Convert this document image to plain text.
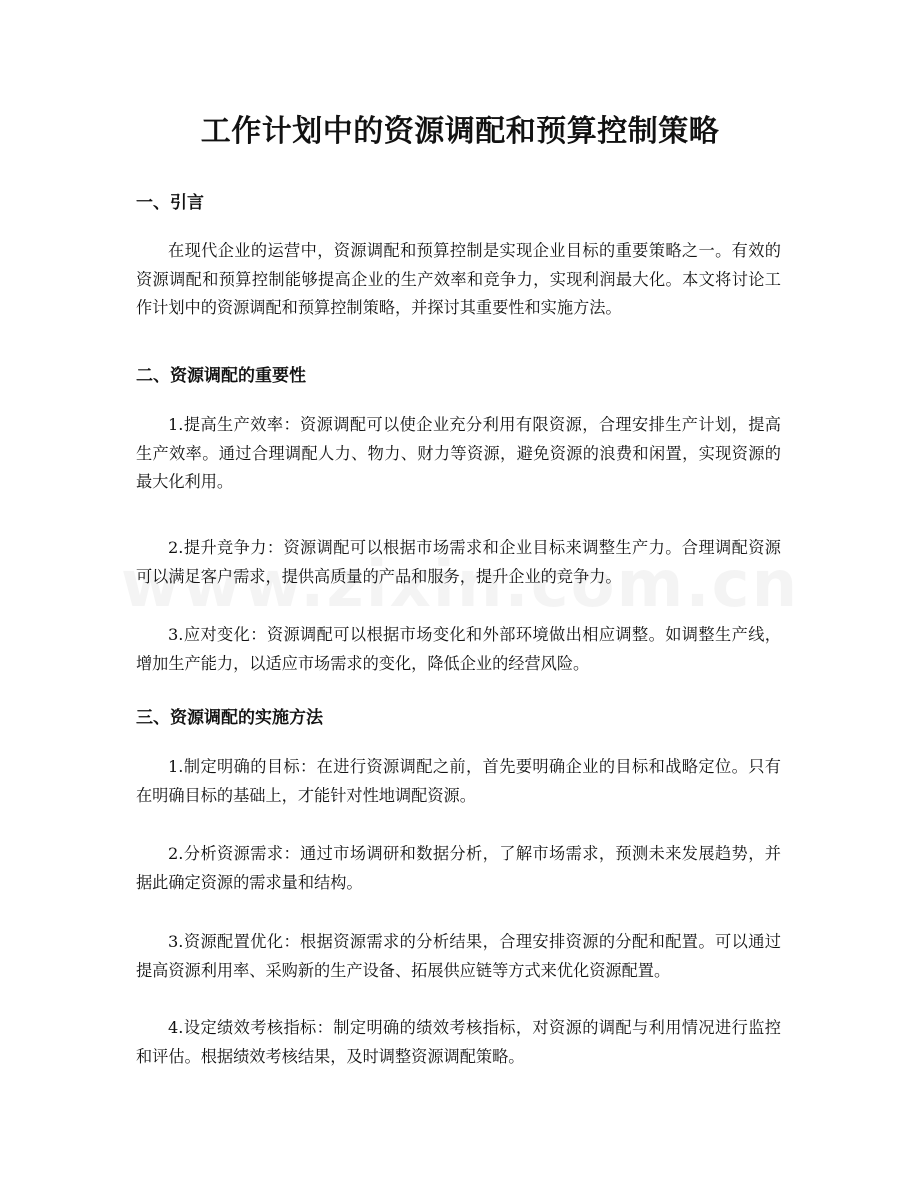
工作计划中的资源调配和预算控制策略
一、引言

在现代企业的运营中，资源调配和预算控制是实现企业目标的重要策略之一。有效的资源调配和预算控制能够提高企业的生产效率和竞争力，实现利润最大化。本文将讨论工作计划中的资源调配和预算控制策略，并探讨其重要性和实施方法。

二、资源调配的重要性

1.提高生产效率：资源调配可以使企业充分利用有限资源，合理安排生产计划，提高生产效率。通过合理调配人力、物力、财力等资源，避免资源的浪费和闲置，实现资源的最大化利用。

2.提升竞争力：资源调配可以根据市场需求和企业目标来调整生产力。合理调配资源可以满足客户需求，提供高质量的产品和服务，提升企业的竞争力。

3.应对变化：资源调配可以根据市场变化和外部环境做出相应调整。如调整生产线，增加生产能力，以适应市场需求的变化，降低企业的经营风险。

三、资源调配的实施方法

1.制定明确的目标：在进行资源调配之前，首先要明确企业的目标和战略定位。只有在明确目标的基础上，才能针对性地调配资源。

2.分析资源需求：通过市场调研和数据分析，了解市场需求，预测未来发展趋势，并据此确定资源的需求量和结构。

3.资源配置优化：根据资源需求的分析结果，合理安排资源的分配和配置。可以通过提高资源利用率、采购新的生产设备、拓展供应链等方式来优化资源配置。

4.设定绩效考核指标：制定明确的绩效考核指标，对资源的调配与利用情况进行监控和评估。根据绩效考核结果，及时调整资源调配策略。
